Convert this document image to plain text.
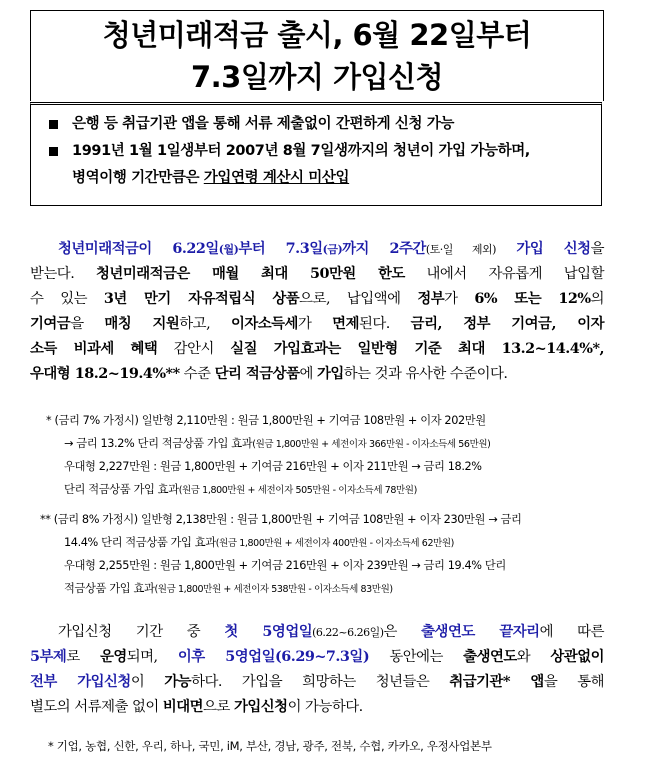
청년미래적금 출시, 6월 22일부터
7.3일까지 가입신청
은행 등 취급기관 앱을 통해 서류 제출없이 간편하게 신청 가능
1991년 1월 1일생부터 2007년 8월 7일생까지의 청년이 가입 가능하며,
병역이행 기간만큼은 가입연령 계산시 미산입
청년미래적금이 6.22일(월)부터 7.3일(금)까지 2주간(토·일 제외) 가입 신청을
받는다. 청년미래적금은 매월 최대 50만원 한도 내에서 자유롭게 납입할
수 있는 3년 만기 자유적립식 상품으로, 납입액에 정부가 6% 또는 12%의
기여금을 매칭 지원하고, 이자소득세가 면제된다. 금리, 정부 기여금, 이자
소득 비과세 혜택 감안시 실질 가입효과는 일반형 기준 최대 13.2~14.4%*,
우대형 18.2~19.4%** 수준 단리 적금상품에 가입하는 것과 유사한 수준이다.
* (금리 7% 가정시) 일반형 2,110만원 : 원금 1,800만원 + 기여금 108만원 + 이자 202만원
→ 금리 13.2% 단리 적금상품 가입 효과(원금 1,800만원 + 세전이자 366만원 - 이자소득세 56만원)
우대형 2,227만원 : 원금 1,800만원 + 기여금 216만원 + 이자 211만원 → 금리 18.2%
단리 적금상품 가입 효과(원금 1,800만원 + 세전이자 505만원 - 이자소득세 78만원)
** (금리 8% 가정시) 일반형 2,138만원 : 원금 1,800만원 + 기여금 108만원 + 이자 230만원 → 금리
14.4% 단리 적금상품 가입 효과(원금 1,800만원 + 세전이자 400만원 - 이자소득세 62만원)
우대형 2,255만원 : 원금 1,800만원 + 기여금 216만원 + 이자 239만원 → 금리 19.4% 단리
적금상품 가입 효과(원금 1,800만원 + 세전이자 538만원 - 이자소득세 83만원)
가입신청 기간 중 첫 5영업일(6.22~6.26일)은 출생연도 끝자리에 따른
5부제로 운영되며, 이후 5영업일(6.29~7.3일) 동안에는 출생연도와 상관없이
전부 가입신청이 가능하다. 가입을 희망하는 청년들은 취급기관* 앱을 통해
별도의 서류제출 없이 비대면으로 가입신청이 가능하다.
* 기업, 농협, 신한, 우리, 하나, 국민, iM, 부산, 경남, 광주, 전북, 수협, 카카오, 우정사업본부
